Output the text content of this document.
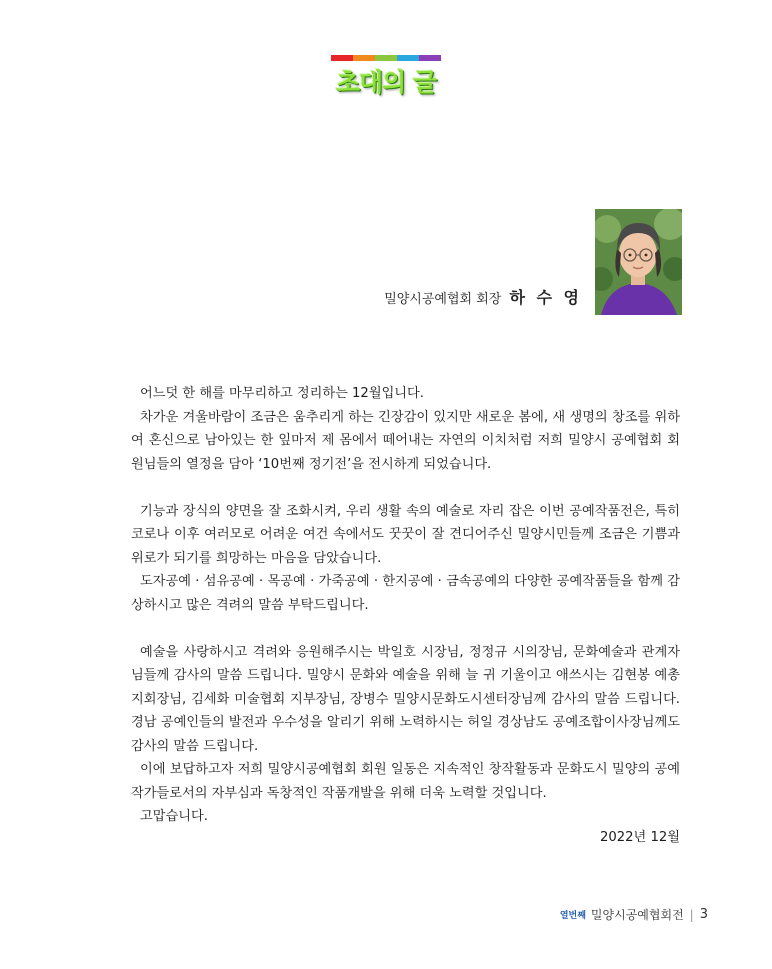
초대의 글
밀양시공예협회 회장 하 수 영

어느덧 한 해를 마무리하고 정리하는 12월입니다.

차가운 겨울바람이 조금은 움추리게 하는 긴장감이 있지만 새로운 봄에, 새 생명의 창조를 위하여 혼신으로 남아있는 한 잎마저 제 몸에서 떼어내는 자연의 이치처럼 저희 밀양시 공예협회 회원님들의 열정을 담아 ‘10번째 정기전’을 전시하게 되었습니다.

기능과 장식의 양면을 잘 조화시켜, 우리 생활 속의 예술로 자리 잡은 이번 공예작품전은, 특히 코로나 이후 여러모로 어려운 여건 속에서도 꿋꿋이 잘 견디어주신 밀양시민들께 조금은 기쁨과 위로가 되기를 희망하는 마음을 담았습니다.

도자공예 · 섬유공예 · 목공예 · 가죽공예 · 한지공예 · 금속공예의 다양한 공예작품들을 함께 감상하시고 많은 격려의 말씀 부탁드립니다.

예술을 사랑하시고 격려와 응원해주시는 박일호 시장님, 정정규 시의장님, 문화예술과 관계자님들께 감사의 말씀 드립니다. 밀양시 문화와 예술을 위해 늘 귀 기울이고 애쓰시는 김현봉 예총지회장님, 김세화 미술협회 지부장님, 장병수 밀양시문화도시센터장님께 감사의 말씀 드립니다. 경남 공예인들의 발전과 우수성을 알리기 위해 노력하시는 허일 경상남도 공예조합이사장님께도 감사의 말씀 드립니다.

이에 보답하고자 저희 밀양시공예협회 회원 일동은 지속적인 창작활동과 문화도시 밀양의 공예작가들로서의 자부심과 독창적인 작품개발을 위해 더욱 노력할 것입니다.

고맙습니다.

2022년 12월
열번째 밀양시공예협회전 | 3
